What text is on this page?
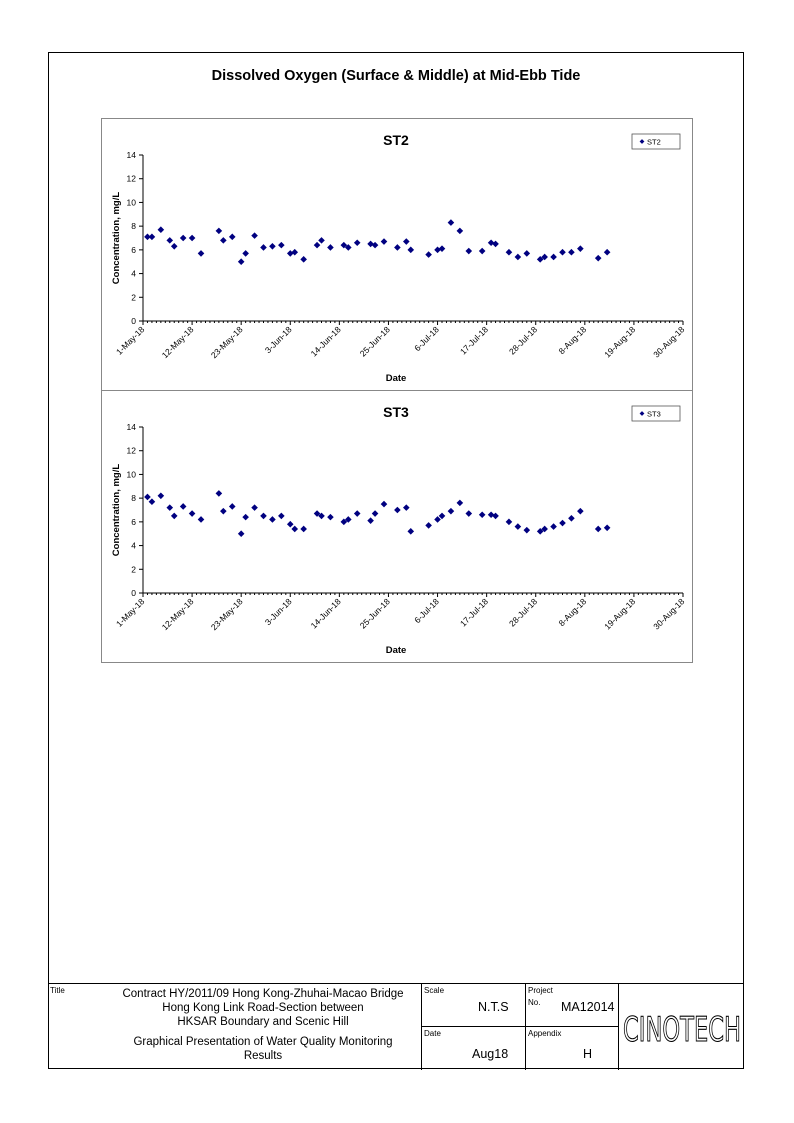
Dissolved Oxygen (Surface & Middle) at Mid-Ebb Tide
ST2
0
2
4
6
8
10
12
14
1-May-18 12-May-18 23-May-18 3-Jun-18 14-Jun-18 25-Jun-18 6-Jul-18 17-Jul-18 28-Jul-18 8-Aug-18 19-Aug-18 30-Aug-18
Date
Concentration, mg/L
ST2
ST3
0
2
4
6
8
10
12
14
1-May-18 12-May-18 23-May-18 3-Jun-18 14-Jun-18 25-Jun-18 6-Jul-18 17-Jul-18 28-Jul-18 8-Aug-18 19-Aug-18 30-Aug-18
Date
Concentration, mg/L
ST3
Title	Contract HY/2011/09 Hong Kong-Zhuhai-Macao Bridge
Hong Kong Link Road-Section between
HKSAR Boundary and Scenic Hill
Graphical Presentation of Water Quality Monitoring
Results
Scale
N.T.S
Date
Aug18
Project
No. MA12014
Appendix
H
CINOTECH
